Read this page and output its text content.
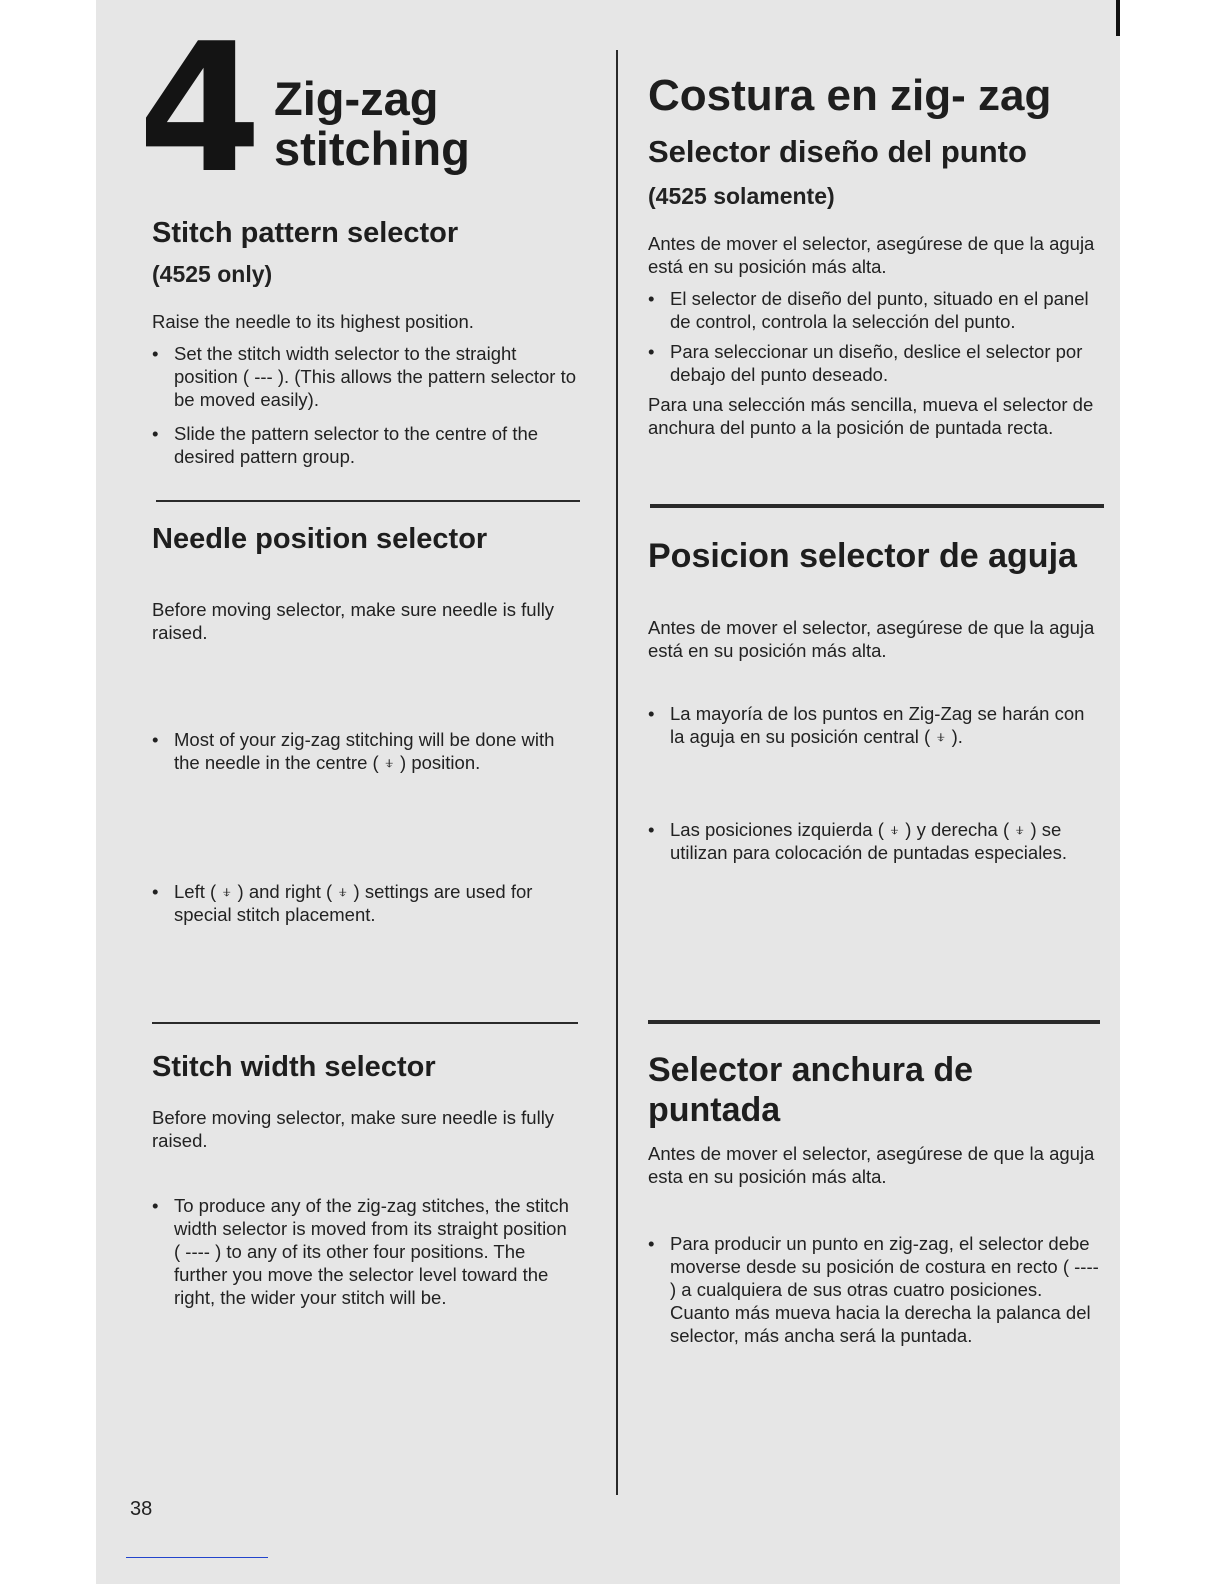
4 Zig-zag
stitching
Stitch pattern selector
(4525 only)

Raise the needle to its highest position.

• Set the stitch width selector to the straight position ( --- ). (This allows the pattern selector to be moved easily).

• Slide the pattern selector to the centre of the desired pattern group.

Needle position selector

Before moving selector, make sure needle is fully raised.

• Most of your zig-zag stitching will be done with the needle in the centre ( ⍖ ) position.

• Left ( ⍖ ) and right ( ⍖ ) settings are used for special stitch placement.

Stitch width selector

Before moving selector, make sure needle is fully raised.

• To produce any of the zig-zag stitches, the stitch width selector is moved from its straight position ( ---- ) to any of its other four positions. The further you move the selector level toward the right, the wider your stitch will be.

Costura en zig- zag
Selector diseño del punto
(4525 solamente)

Antes de mover el selector, asegúrese de que la aguja está en su posición más alta.

• El selector de diseño del punto, situado en el panel de control, controla la selección del punto.

• Para seleccionar un diseño, deslice el selector por debajo del punto deseado.

Para una selección más sencilla, mueva el selector de anchura del punto a la posición de puntada recta.

Posicion selector de aguja

Antes de mover el selector, asegúrese de que la aguja está en su posición más alta.

• La mayoría de los puntos en Zig-Zag se harán con la aguja en su posición central ( ⍖ ).

• Las posiciones izquierda ( ⍖ ) y derecha ( ⍖ ) se utilizan para colocación de puntadas especiales.

Selector anchura de puntada

Antes de mover el selector, asegúrese de que la aguja esta en su posición más alta.

• Para producir un punto en zig-zag, el selector debe moverse desde su posición de costura en recto ( ---- ) a cualquiera de sus otras cuatro posiciones. Cuanto más mueva hacia la derecha la palanca del selector, más ancha será la puntada.

38
